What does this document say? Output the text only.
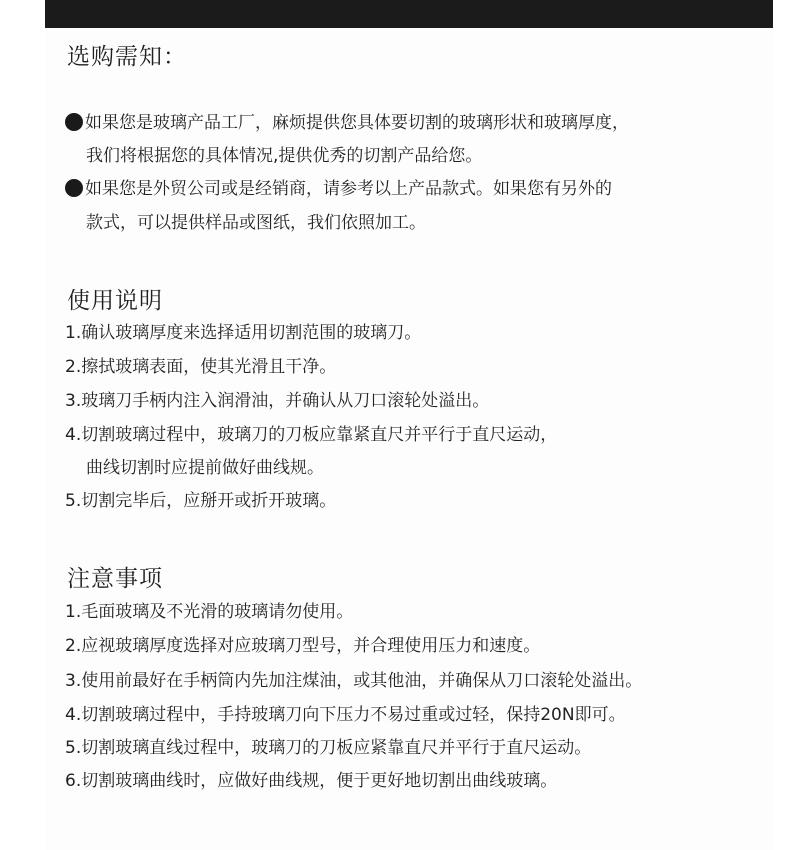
选购需知：
如果您是玻璃产品工厂，麻烦提供您具体要切割的玻璃形状和玻璃厚度，
我们将根据您的具体情况,提供优秀的切割产品给您。
如果您是外贸公司或是经销商，请参考以上产品款式。如果您有另外的
款式，可以提供样品或图纸，我们依照加工。
使用说明
1.确认玻璃厚度来选择适用切割范围的玻璃刀。
2.擦拭玻璃表面，使其光滑且干净。
3.玻璃刀手柄内注入润滑油，并确认从刀口滚轮处溢出。
4.切割玻璃过程中，玻璃刀的刀板应靠紧直尺并平行于直尺运动，
曲线切割时应提前做好曲线规。
5.切割完毕后，应掰开或折开玻璃。
注意事项
1.毛面玻璃及不光滑的玻璃请勿使用。
2.应视玻璃厚度选择对应玻璃刀型号，并合理使用压力和速度。
3.使用前最好在手柄筒内先加注煤油，或其他油，并确保从刀口滚轮处溢出。
4.切割玻璃过程中，手持玻璃刀向下压力不易过重或过轻，保持20N即可。
5.切割玻璃直线过程中，玻璃刀的刀板应紧靠直尺并平行于直尺运动。
6.切割玻璃曲线时，应做好曲线规，便于更好地切割出曲线玻璃。
